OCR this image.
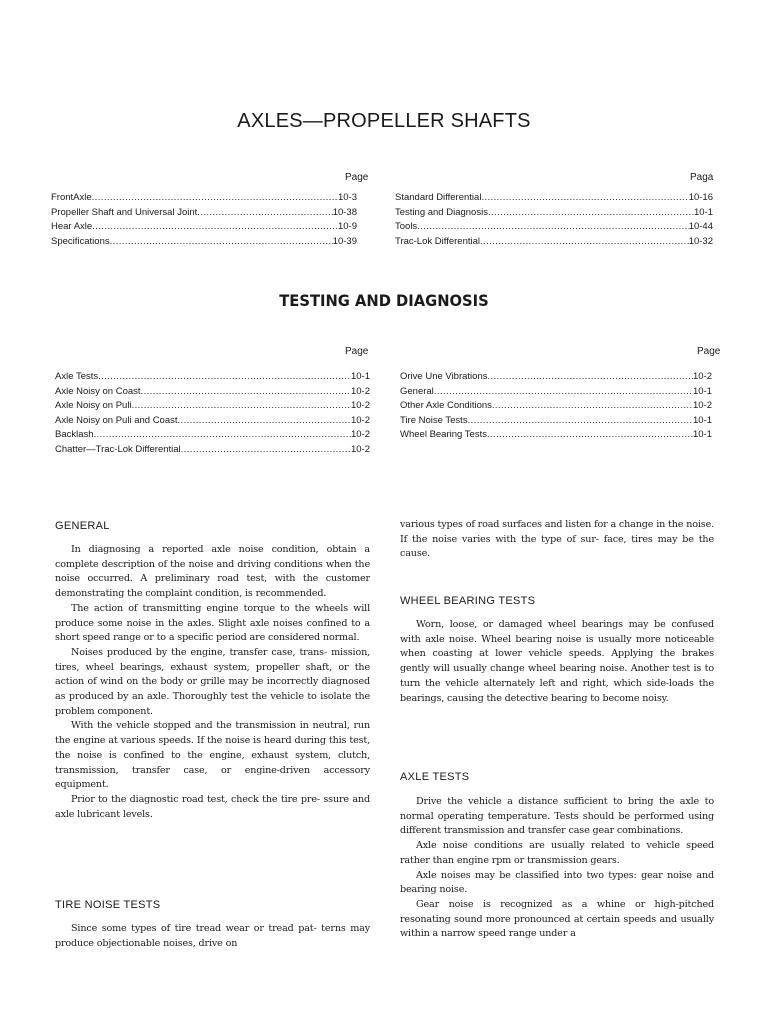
AXLES—PROPELLER SHAFTS
Page	Paga
FrontAxle .....	10-3
Propeller Shaft and Universal Joint .....	10-38
Hear Axle .....	10-9
Specifications .....	10-39
Standard Differential .....	10-16
Testing and Diagnosis .....	10-1
Tools .....	10-44
Trac-Lok Differential .....	10-32
TESTING AND DIAGNOSIS
Page	Page
Axle Tests .....	10-1
Axle Noisy on Coast .....	10-2
Axle Noisy on Puli .....	10-2
Axle Noisy on Puli and Coast .....	10-2
Backlash .....	10-2
Chatter—Trac-Lok Differential .....	10-2
Orive Une Vibrations .....	10-2
General .....	10-1
Other Axle Conditions .....	10-2
Tire Noise Tests .....	10-1
Wheel Bearing Tests .....	10-1
GENERAL

In diagnosing a reported axle noise condition, obtain a complete description of the noise and driving conditions when the noise occurred. A preliminary road test, with the customer demonstrating the complaint condition, is recommended.

The action of transmitting engine torque to the wheels will produce some noise in the axles. Slight axle noises confined to a short speed range or to a specific period are considered normal.

Noises produced by the engine, transfer case, trans- mission, tires, wheel bearings, exhaust system, propeller shaft, or the action of wind on the body or grille may be incorrectly diagnosed as produced by an axle. Thoroughly test the vehicle to isolate the problem component.

With the vehicle stopped and the transmission in neutral, run the engine at various speeds. If the noise is heard during this test, the noise is confined to the engine, exhaust system, clutch, transmission, transfer case, or engine-driven accessory equipment.

Prior to the diagnostic road test, check the tire pre- ssure and axle lubricant levels.

TIRE NOISE TESTS

Since some types of tire tread wear or tread pat- terns may produce objectionable noises, drive on

various types of road surfaces and listen for a change in the noise. If the noise varies with the type of sur- face, tires may be the cause.

WHEEL BEARING TESTS

Worn, loose, or damaged wheel bearings may be confused with axle noise. Wheel bearing noise is usually more noticeable when coasting at lower vehicle speeds. Applying the brakes gently will usually change wheel bearing noise. Another test is to turn the vehicle alternately left and right, which side-loads the bearings, causing the detective bearing to become noisy.

AXLE TESTS

Drive the vehicle a distance sufficient to bring the axle to normal operating temperature. Tests should be performed using different transmission and transfer case gear combinations.

Axle noise conditions are usually related to vehicle speed rather than engine rpm or transmission gears.

Axle noises may be classified into two types: gear noise and bearing noise.

Gear noise is recognized as a whine or high-pitched resonating sound more pronounced at certain speeds and usually within a narrow speed range under a
